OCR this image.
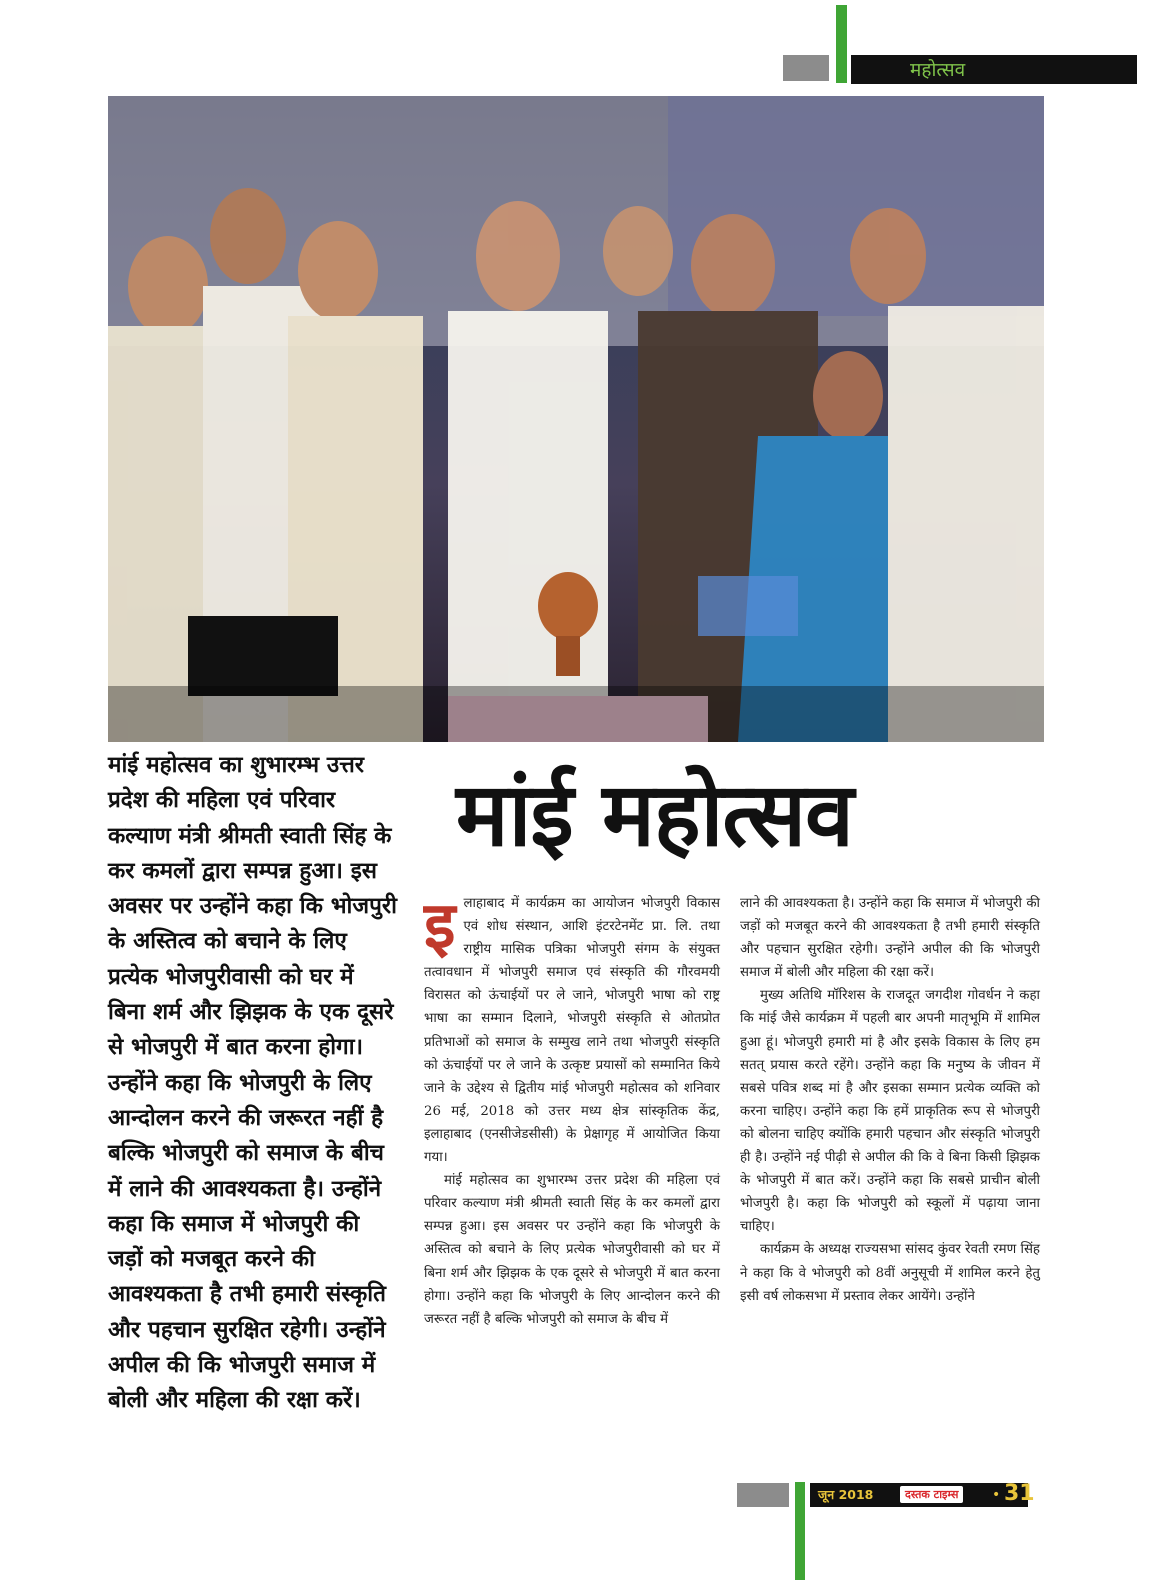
महोत्सव
मांई महोत्सव का शुभारम्भ उत्तर प्रदेश की महिला एवं परिवार कल्याण मंत्री श्रीमती स्वाती सिंह के कर कमलों द्वारा सम्पन्न हुआ। इस अवसर पर उन्होंने कहा कि भोजपुरी के अस्तित्व को बचाने के लिए प्रत्येक भोजपुरीवासी को घर में बिना शर्म और झिझक के एक दूसरे से भोजपुरी में बात करना होगा। उन्होंने कहा कि भोजपुरी के लिए आन्दोलन करने की जरूरत नहीं है बल्कि भोजपुरी को समाज के बीच में लाने की आवश्यकता है। उन्होंने कहा कि समाज में भोजपुरी की जड़ों को मजबूत करने की आवश्यकता है तभी हमारी संस्कृति और पहचान सुरक्षित रहेगी। उन्होंने अपील की कि भोजपुरी समाज में बोली और महिला की रक्षा करें।
मांई महोत्सव

इलाहाबाद में कार्यक्रम का आयोजन भोजपुरी विकास एवं शोध संस्थान, आशि इंटरटेनमेंट प्रा. लि. तथा राष्ट्रीय मासिक पत्रिका भोजपुरी संगम के संयुक्त तत्वावधान में भोजपुरी समाज एवं संस्कृति की गौरवमयी विरासत को ऊंचाईयों पर ले जाने, भोजपुरी भाषा को राष्ट्र भाषा का सम्मान दिलाने, भोजपुरी संस्कृति से ओतप्रोत प्रतिभाओं को समाज के सम्मुख लाने तथा भोजपुरी संस्कृति को ऊंचाईयों पर ले जाने के उत्कृष्ट प्रयासों को सम्मानित किये जाने के उद्देश्य से द्वितीय मांई भोजपुरी महोत्सव को शनिवार 26 मई, 2018 को उत्तर मध्य क्षेत्र सांस्कृतिक केंद्र, इलाहाबाद (एनसीजेडसीसी) के प्रेक्षागृह में आयोजित किया गया।

मांई महोत्सव का शुभारम्भ उत्तर प्रदेश की महिला एवं परिवार कल्याण मंत्री श्रीमती स्वाती सिंह के कर कमलों द्वारा सम्पन्न हुआ। इस अवसर पर उन्होंने कहा कि भोजपुरी के अस्तित्व को बचाने के लिए प्रत्येक भोजपुरीवासी को घर में बिना शर्म और झिझक के एक दूसरे से भोजपुरी में बात करना होगा। उन्होंने कहा कि भोजपुरी के लिए आन्दोलन करने की जरूरत नहीं है बल्कि भोजपुरी को समाज के बीच में

लाने की आवश्यकता है। उन्होंने कहा कि समाज में भोजपुरी की जड़ों को मजबूत करने की आवश्यकता है तभी हमारी संस्कृति और पहचान सुरक्षित रहेगी। उन्होंने अपील की कि भोजपुरी समाज में बोली और महिला की रक्षा करें।

मुख्य अतिथि मॉरिशस के राजदूत जगदीश गोवर्धन ने कहा कि मांई जैसे कार्यक्रम में पहली बार अपनी मातृभूमि में शामिल हुआ हूं। भोजपुरी हमारी मां है और इसके विकास के लिए हम सतत् प्रयास करते रहेंगे। उन्होंने कहा कि मनुष्य के जीवन में सबसे पवित्र शब्द मां है और इसका सम्मान प्रत्येक व्यक्ति को करना चाहिए। उन्होंने कहा कि हमें प्राकृतिक रूप से भोजपुरी को बोलना चाहिए क्योंकि हमारी पहचान और संस्कृति भोजपुरी ही है। उन्होंने नई पीढ़ी से अपील की कि वे बिना किसी झिझक के भोजपुरी में बात करें। उन्होंने कहा कि सबसे प्राचीन बोली भोजपुरी है। कहा कि भोजपुरी को स्कूलों में पढ़ाया जाना चाहिए।

कार्यक्रम के अध्यक्ष राज्यसभा सांसद कुंवर रेवती रमण सिंह ने कहा कि वे भोजपुरी को 8वीं अनुसूची में शामिल करने हेतु इसी वर्ष लोकसभा में प्रस्ताव लेकर आयेंगे। उन्होंने

जून 2018	दस्तक टाइम्स	• 31
